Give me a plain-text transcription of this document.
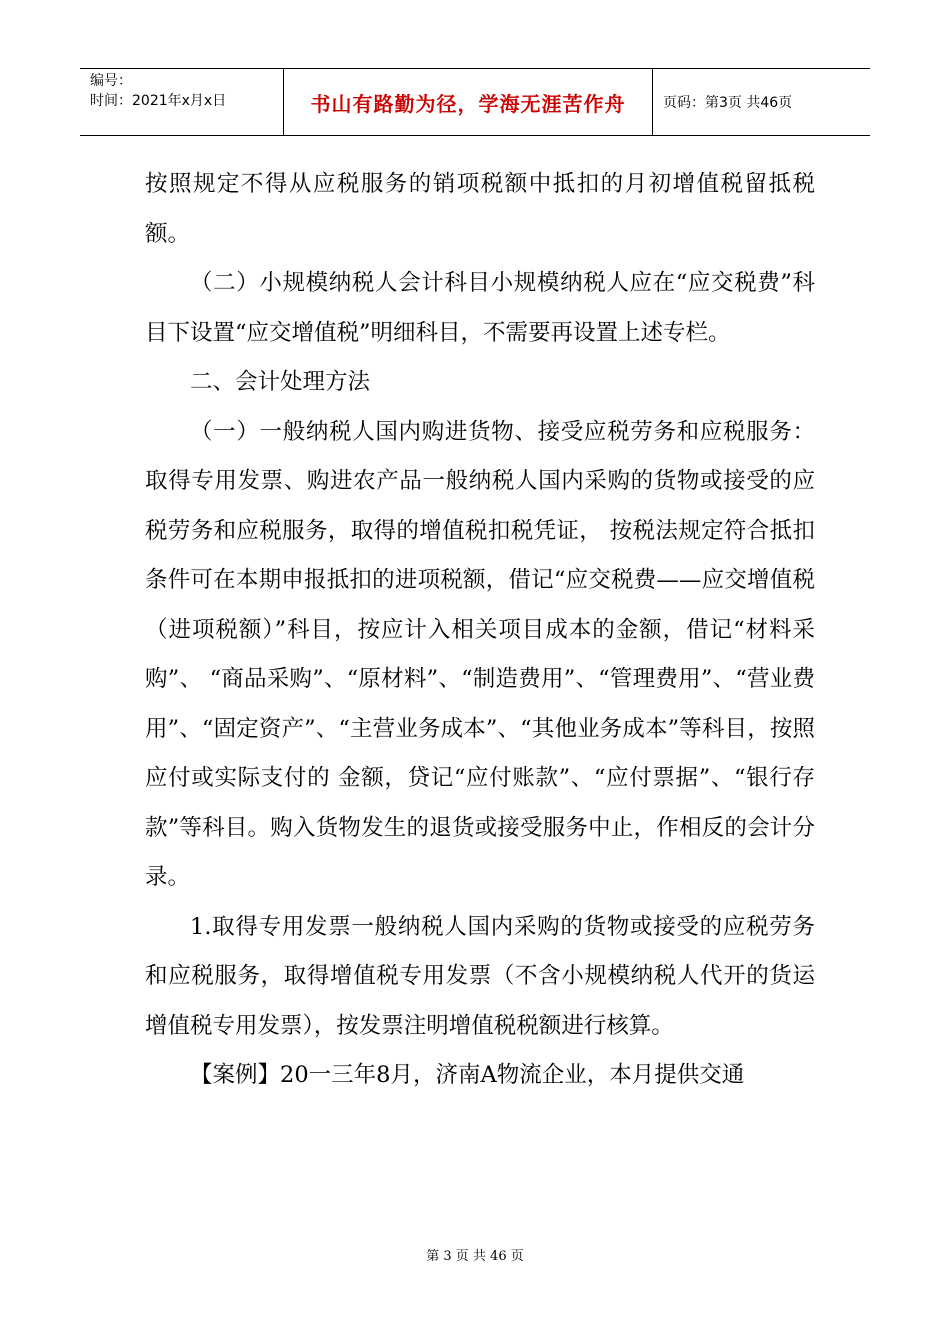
编号：
时间：2021年x月x日	书山有路勤为径，学海无涯苦作舟	页码：第3页 共46页

按照规定不得从应税服务的销项税额中抵扣的月初增值税留抵税额。

（二）小规模纳税人会计科目小规模纳税人应在“应交税费”科目下设置“应交增值税”明细科目，不需要再设置上述专栏。

二、会计处理方法

（一）一般纳税人国内购进货物、接受应税劳务和应税服务：取得专用发票、购进农产品一般纳税人国内采购的货物或接受的应税劳务和应税服务，取得的增值税扣税凭证， 按税法规定符合抵扣条件可在本期申报抵扣的进项税额，借记“应交税费——应交增值税（进项税额）”科目，按应计入相关项目成本的金额，借记“材料采购”、 “商品采购”、“原材料”、“制造费用”、“管理费用”、“营业费用”、“固定资产”、“主营业务成本”、“其他业务成本”等科目，按照应付或实际支付的 金额，贷记“应付账款”、“应付票据”、“银行存款”等科目。购入货物发生的退货或接受服务中止，作相反的会计分录。

1.取得专用发票一般纳税人国内采购的货物或接受的应税劳务和应税服务，取得增值税专用发票（不含小规模纳税人代开的货运增值税专用发票），按发票注明增值税税额进行核算。

【案例】20一三年8月，济南A物流企业，本月提供交通

第 3 页 共 46 页
